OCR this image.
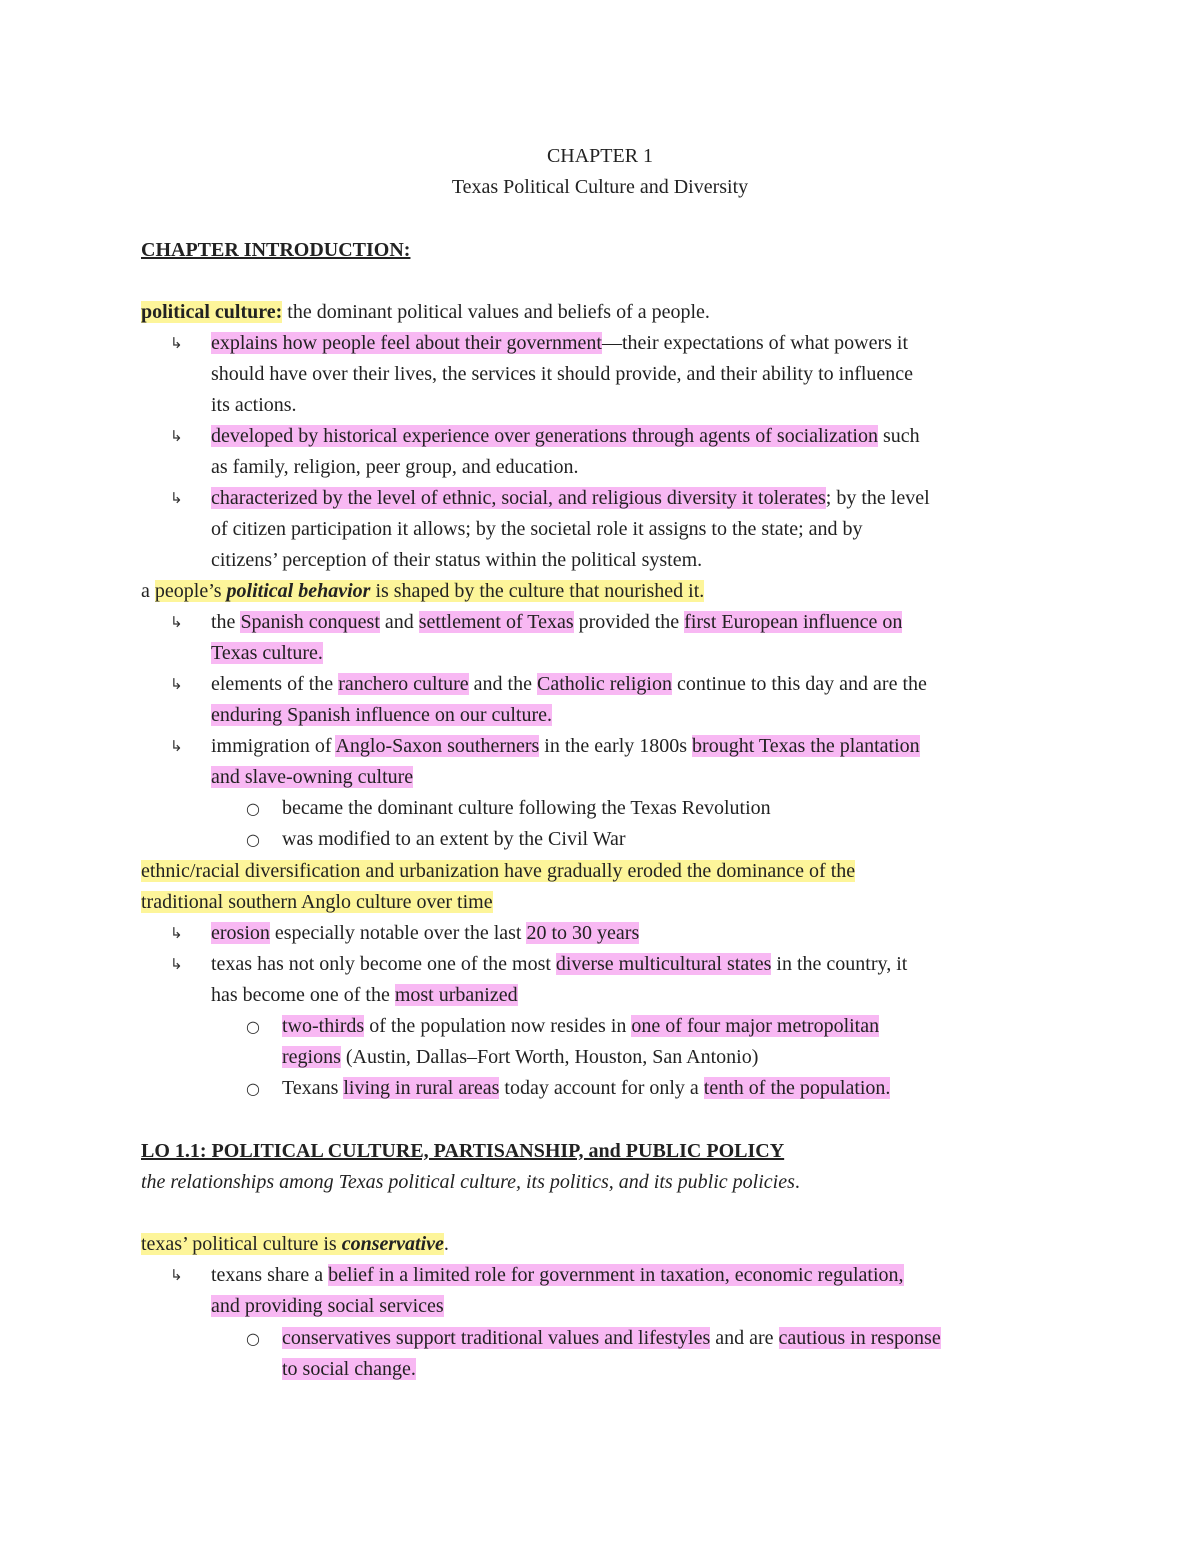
CHAPTER 1
Texas Political Culture and Diversity
CHAPTER INTRODUCTION:
political culture: the dominant political values and beliefs of a people.
↳	explains how people feel about their government—their expectations of what powers it
should have over their lives, the services it should provide, and their ability to influence
its actions.
↳	developed by historical experience over generations through agents of socialization such
as family, religion, peer group, and education.
↳	characterized by the level of ethnic, social, and religious diversity it tolerates; by the level
of citizen participation it allows; by the societal role it assigns to the state; and by
citizens’ perception of their status within the political system.
a people’s political behavior is shaped by the culture that nourished it.
↳	the Spanish conquest and settlement of Texas provided the first European influence on
Texas culture.
↳	elements of the ranchero culture and the Catholic religion continue to this day and are the
enduring Spanish influence on our culture.
↳	immigration of Anglo-Saxon southerners in the early 1800s brought Texas the plantation
and slave-owning culture
○	became the dominant culture following the Texas Revolution
○	was modified to an extent by the Civil War
ethnic/racial diversification and urbanization have gradually eroded the dominance of the
traditional southern Anglo culture over time
↳	erosion especially notable over the last 20 to 30 years
↳	texas has not only become one of the most diverse multicultural states in the country, it
has become one of the most urbanized
○	two-thirds of the population now resides in one of four major metropolitan
regions (Austin, Dallas–Fort Worth, Houston, San Antonio)
○	Texans living in rural areas today account for only a tenth of the population.
LO 1.1: POLITICAL CULTURE, PARTISANSHIP, and PUBLIC POLICY
the relationships among Texas political culture, its politics, and its public policies.
texas’ political culture is conservative.
↳	texans share a belief in a limited role for government in taxation, economic regulation,
and providing social services
○	conservatives support traditional values and lifestyles and are cautious in response
to social change.
